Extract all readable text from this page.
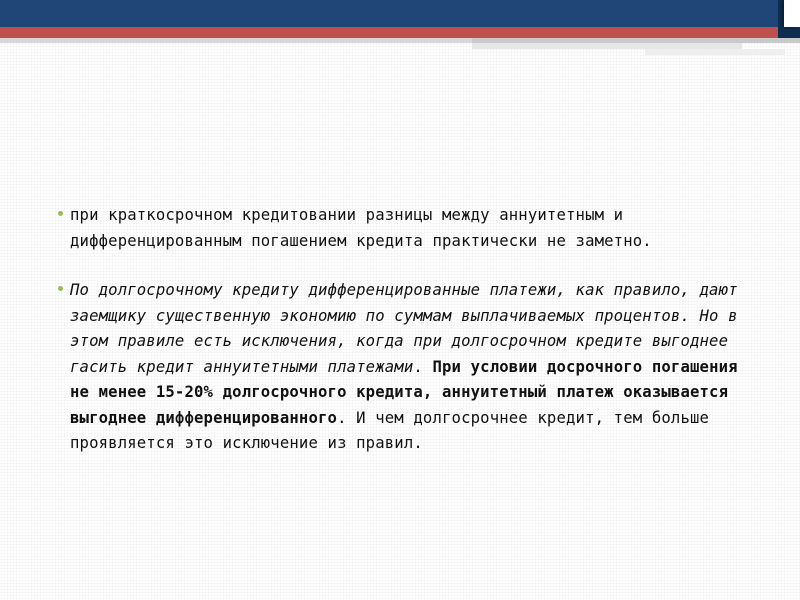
при краткосрочном кредитовании разницы между аннуитетным и дифференцированным погашением кредита практически не заметно.

По долгосрочному кредиту дифференцированные платежи, как правило, дают заемщику существенную экономию по суммам выплачиваемых процентов. Но в этом правиле есть исключения, когда при долгосрочном кредите выгоднее гасить кредит аннуитетными платежами. При условии досрочного погашения не менее 15-20% долгосрочного кредита, аннуитетный платеж оказывается выгоднее дифференцированного. И чем долгосрочнее кредит, тем больше проявляется это исключение из правил.
